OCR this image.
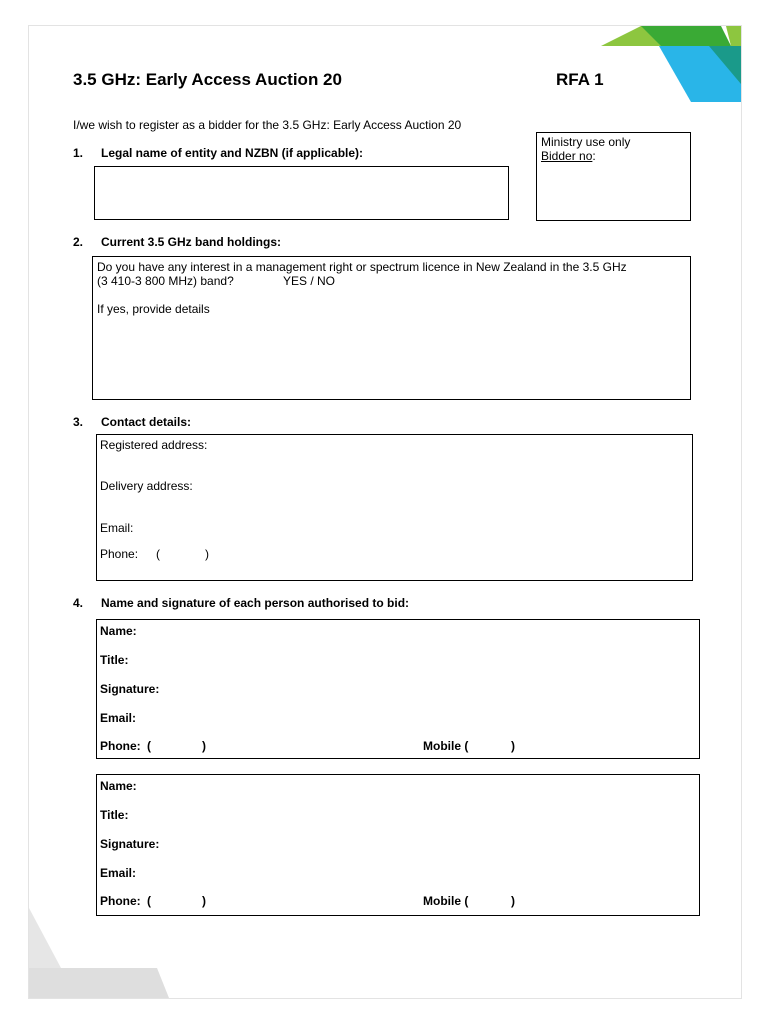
3.5 GHz: Early Access Auction 20	RFA 1
I/we wish to register as a bidder for the 3.5 GHz: Early Access Auction 20
Ministry use only
Bidder no:
1. Legal name of entity and NZBN (if applicable):
2. Current 3.5 GHz band holdings:
Do you have any interest in a management right or spectrum licence in New Zealand in the 3.5 GHz
(3 410-3 800 MHz) band?	YES / NO
If yes, provide details
3. Contact details:
Registered address:
Delivery address:
Email:
Phone: (	)
4. Name and signature of each person authorised to bid:
Name:
Title:
Signature:
Email:
Phone: (	)	Mobile (	)
Name:
Title:
Signature:
Email:
Phone: (	)	Mobile (	)
